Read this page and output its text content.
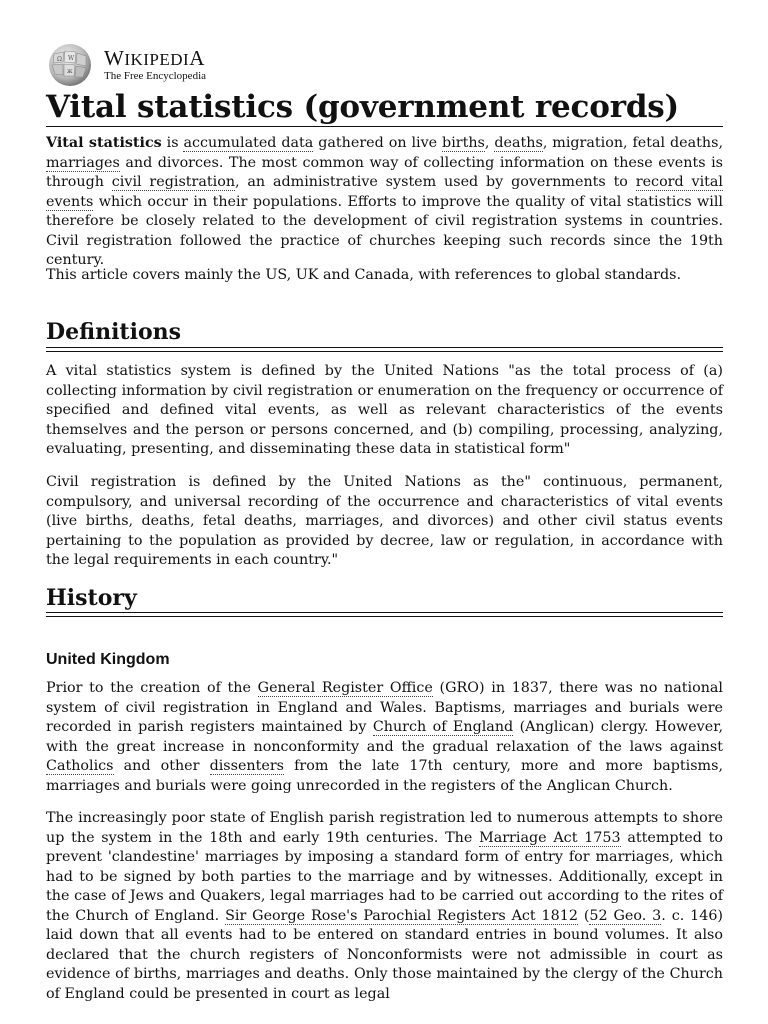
Ω W
ж
WIKIPEDIA
The Free Encyclopedia
Vital statistics (government records)

Vital statistics is accumulated data gathered on live births, deaths, migration, fetal deaths, marriages and divorces. The most common way of collecting information on these events is through civil registration, an administrative system used by governments to record vital events which occur in their populations. Efforts to improve the quality of vital statistics will therefore be closely related to the development of civil registration systems in countries. Civil registration followed the practice of churches keeping such records since the 19th century.

This article covers mainly the US, UK and Canada, with references to global standards.

Definitions

A vital statistics system is defined by the United Nations "as the total process of (a) collecting information by civil registration or enumeration on the frequency or occurrence of specified and defined vital events, as well as relevant characteristics of the events themselves and the person or persons concerned, and (b) compiling, processing, analyzing, evaluating, presenting, and disseminating these data in statistical form"

Civil registration is defined by the United Nations as the" continuous, permanent, compulsory, and universal recording of the occurrence and characteristics of vital events (live births, deaths, fetal deaths, marriages, and divorces) and other civil status events pertaining to the population as provided by decree, law or regulation, in accordance with the legal requirements in each country."

History
United Kingdom

Prior to the creation of the General Register Office (GRO) in 1837, there was no national system of civil registration in England and Wales. Baptisms, marriages and burials were recorded in parish registers maintained by Church of England (Anglican) clergy. However, with the great increase in nonconformity and the gradual relaxation of the laws against Catholics and other dissenters from the late 17th century, more and more baptisms, marriages and burials were going unrecorded in the registers of the Anglican Church.

The increasingly poor state of English parish registration led to numerous attempts to shore up the system in the 18th and early 19th centuries. The Marriage Act 1753 attempted to prevent 'clandestine' marriages by imposing a standard form of entry for marriages, which had to be signed by both parties to the marriage and by witnesses. Additionally, except in the case of Jews and Quakers, legal marriages had to be carried out according to the rites of the Church of England. Sir George Rose's Parochial Registers Act 1812 (52 Geo. 3. c. 146) laid down that all events had to be entered on standard entries in bound volumes. It also declared that the church registers of Nonconformists were not admissible in court as evidence of births, marriages and deaths. Only those maintained by the clergy of the Church of England could be presented in court as legal
